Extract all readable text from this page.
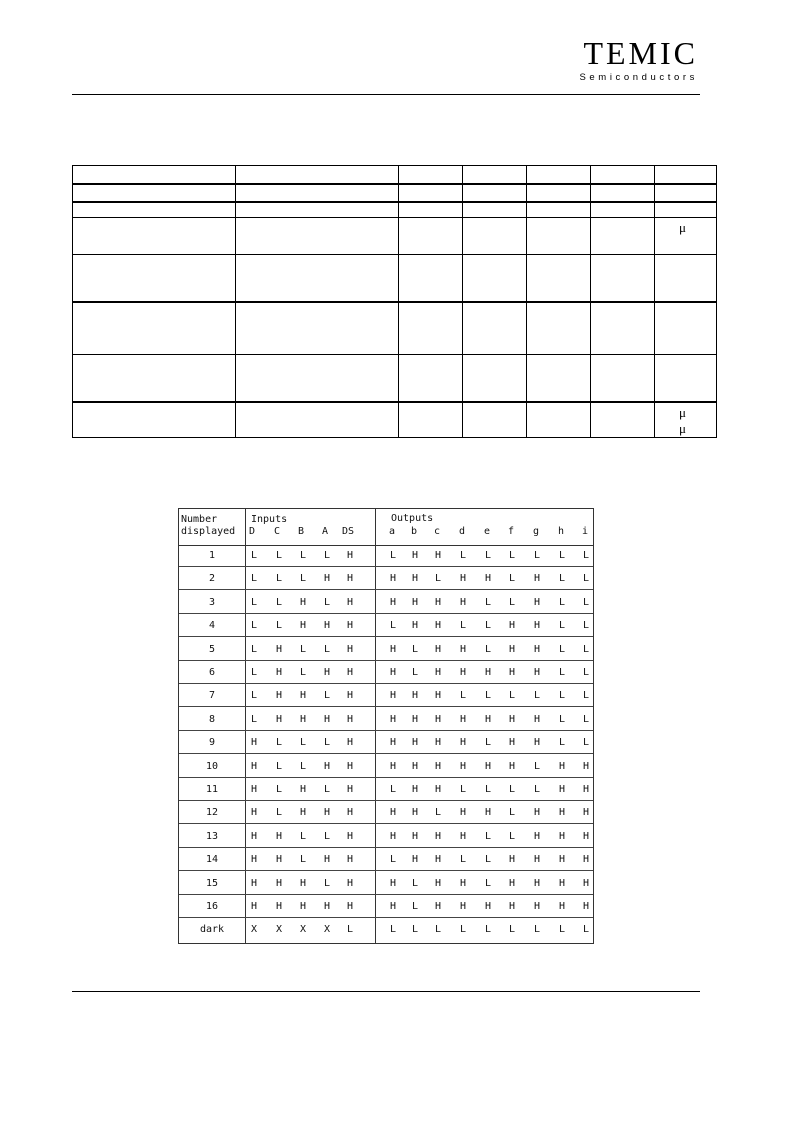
TEMIC
Semiconductors

						μ

						μ
μ
Number
displayed
Inputs	Outputs
D C B A DS	a b c d e f g h i
1	L L L L H	L H H L L L L L L
2	L L L H H	H H L H H L H L L
3	L L H L H	H H H H L L H L L
4	L L H H H	L H H L L H H L L
5	L H L L H	H L H H L H H L L
6	L H L H H	H L H H H H H L L
7	L H H L H	H H H L L L L L L
8	L H H H H	H H H H H H H L L
9	H L L L H	H H H H L H H L L
10	H L L H H	H H H H H H L H H
11	H L H L H	L H H L L L L H H
12	H L H H H	H H L H H L H H H
13	H H L L H	H H H H L L H H H
14	H H L H H	L H H L L H H H H
15	H H H L H	H L H H L H H H H
16	H H H H H	H L H H H H H H H
dark	X X X X L	L L L L L L L L L
